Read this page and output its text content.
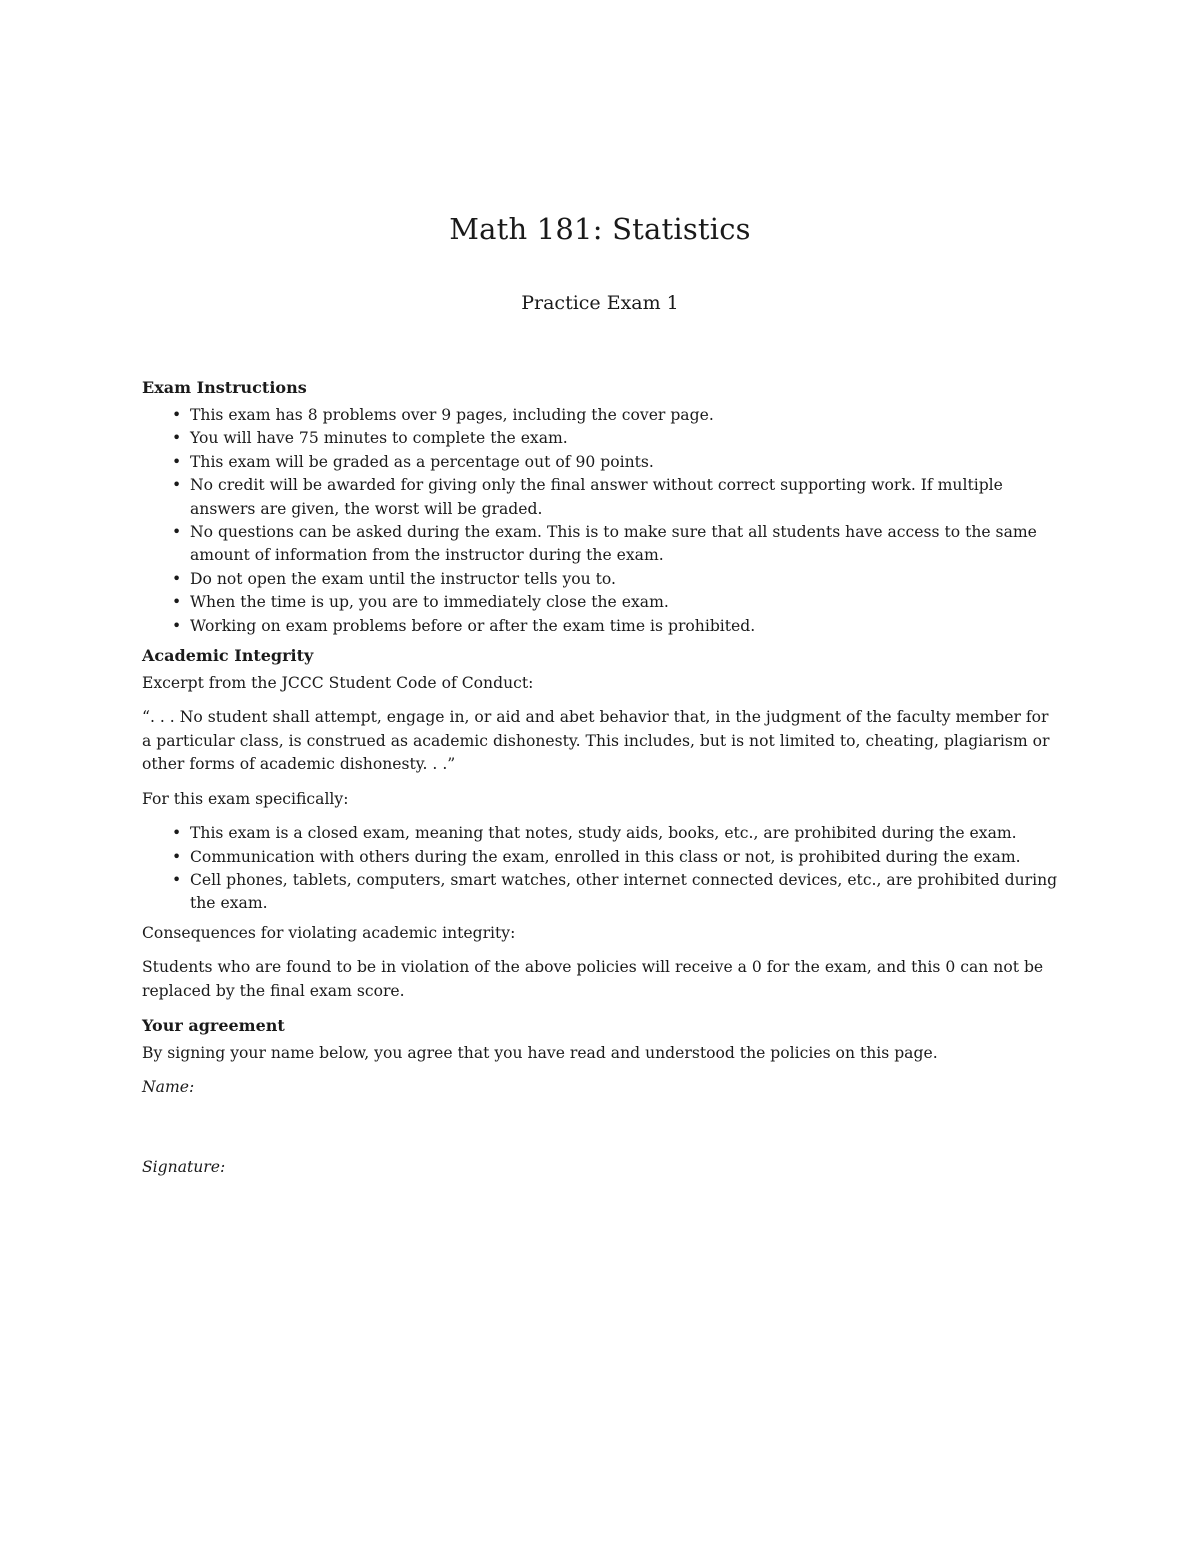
Math 181: Statistics
Practice Exam 1
Exam Instructions
• This exam has 8 problems over 9 pages, including the cover page.
• You will have 75 minutes to complete the exam.
• This exam will be graded as a percentage out of 90 points.
• No credit will be awarded for giving only the final answer without correct supporting work. If multiple answers are given, the worst will be graded.
• No questions can be asked during the exam. This is to make sure that all students have access to the same amount of information from the instructor during the exam.
• Do not open the exam until the instructor tells you to.
• When the time is up, you are to immediately close the exam.
• Working on exam problems before or after the exam time is prohibited.
Academic Integrity

Excerpt from the JCCC Student Code of Conduct:

“. . . No student shall attempt, engage in, or aid and abet behavior that, in the judgment of the faculty member for a particular class, is construed as academic dishonesty. This includes, but is not limited to, cheating, plagiarism or other forms of academic dishonesty. . .”

For this exam specifically:

• This exam is a closed exam, meaning that notes, study aids, books, etc., are prohibited during the exam.
• Communication with others during the exam, enrolled in this class or not, is prohibited during the exam.
• Cell phones, tablets, computers, smart watches, other internet connected devices, etc., are prohibited during the exam.

Consequences for violating academic integrity:

Students who are found to be in violation of the above policies will receive a 0 for the exam, and this 0 can not be replaced by the final exam score.

Your agreement

By signing your name below, you agree that you have read and understood the policies on this page.

Name:
Signature:
